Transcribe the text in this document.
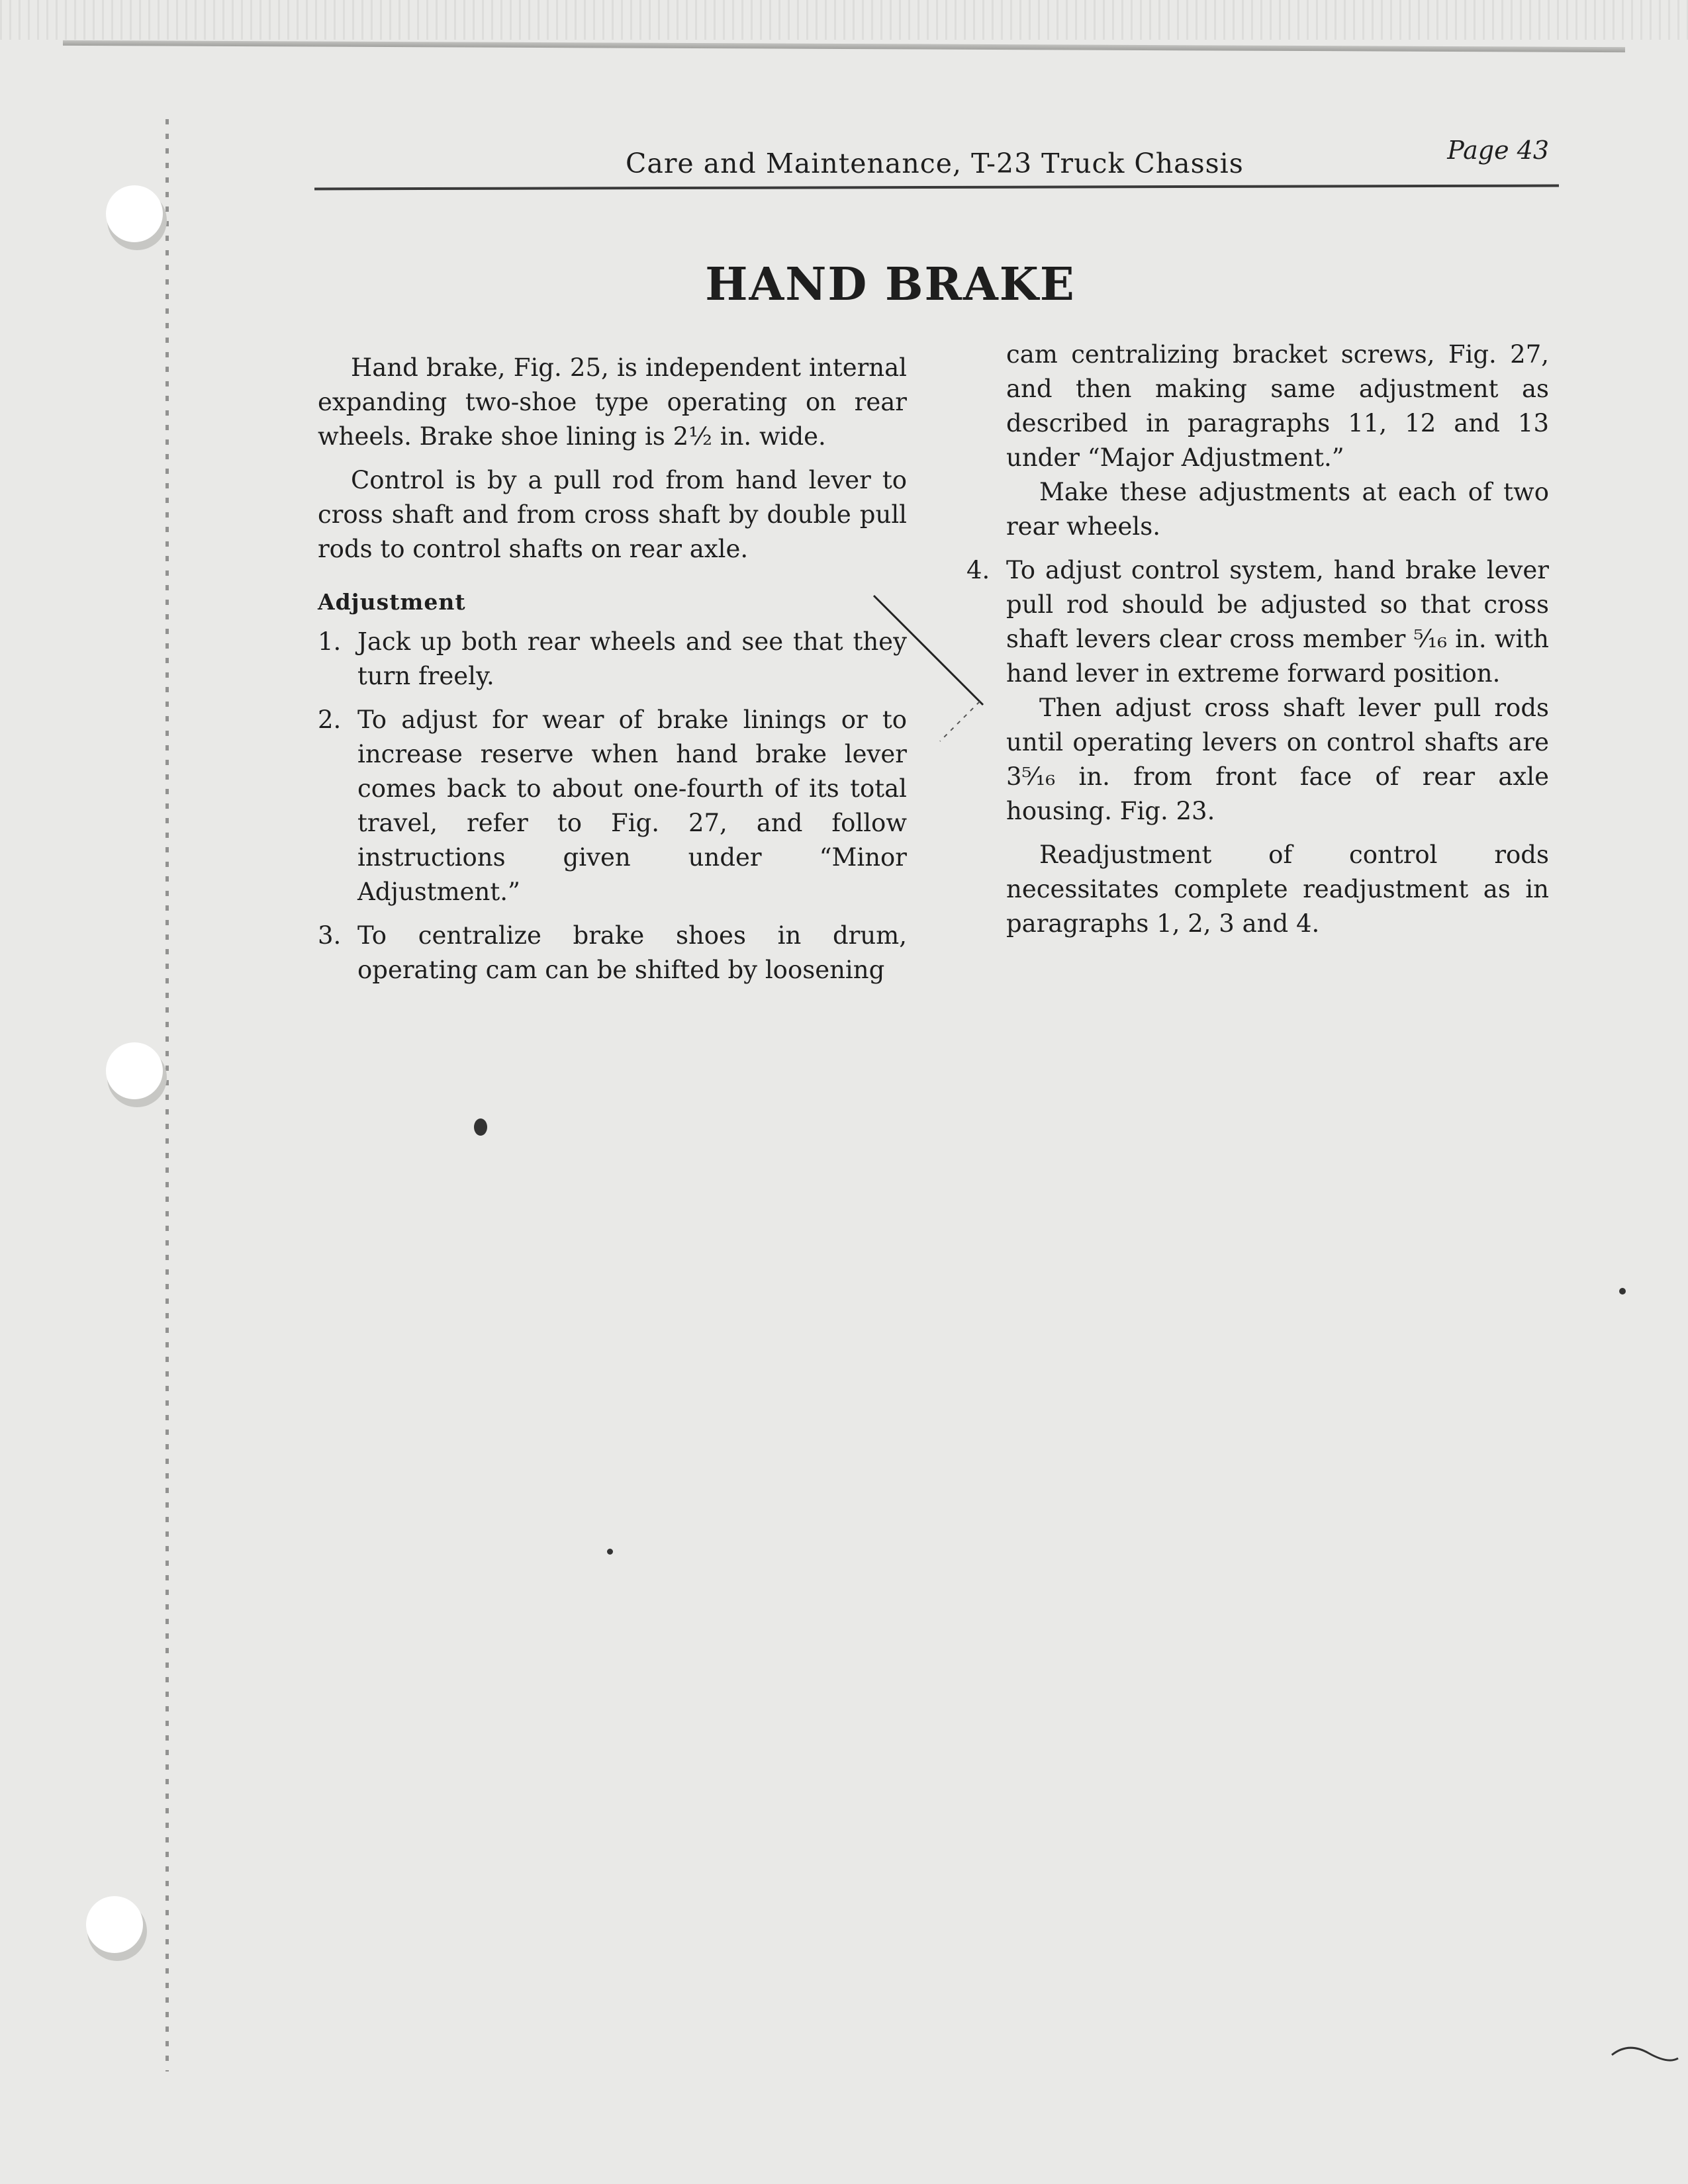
Care and Maintenance, T-23 Truck Chassis	Page 43
HAND BRAKE

Hand brake, Fig. 25, is independent internal expanding two-shoe type operating on rear wheels. Brake shoe lining is 2½ in. wide.

Control is by a pull rod from hand lever to cross shaft and from cross shaft by double pull rods to control shafts on rear axle.

Adjustment

1. Jack up both rear wheels and see that they turn freely.
2. To adjust for wear of brake linings or to increase reserve when hand brake lever comes back to about one-fourth of its total travel, refer to Fig. 27, and follow instructions given under “Minor Adjustment.”
3. To centralize brake shoes in drum, operating cam can be shifted by loosening

cam centralizing bracket screws, Fig. 27, and then making same adjustment as described in paragraphs 11, 12 and 13 under “Major Adjustment.”

Make these adjustments at each of two rear wheels.

4. To adjust control system, hand brake lever pull rod should be adjusted so that cross shaft levers clear cross member ⁵⁄₁₆ in. with hand lever in extreme forward position.

Then adjust cross shaft lever pull rods until operating levers on control shafts are 3⁵⁄₁₆ in. from front face of rear axle housing. Fig. 23.

Readjustment of control rods necessitates complete readjustment as in paragraphs 1, 2, 3 and 4.
